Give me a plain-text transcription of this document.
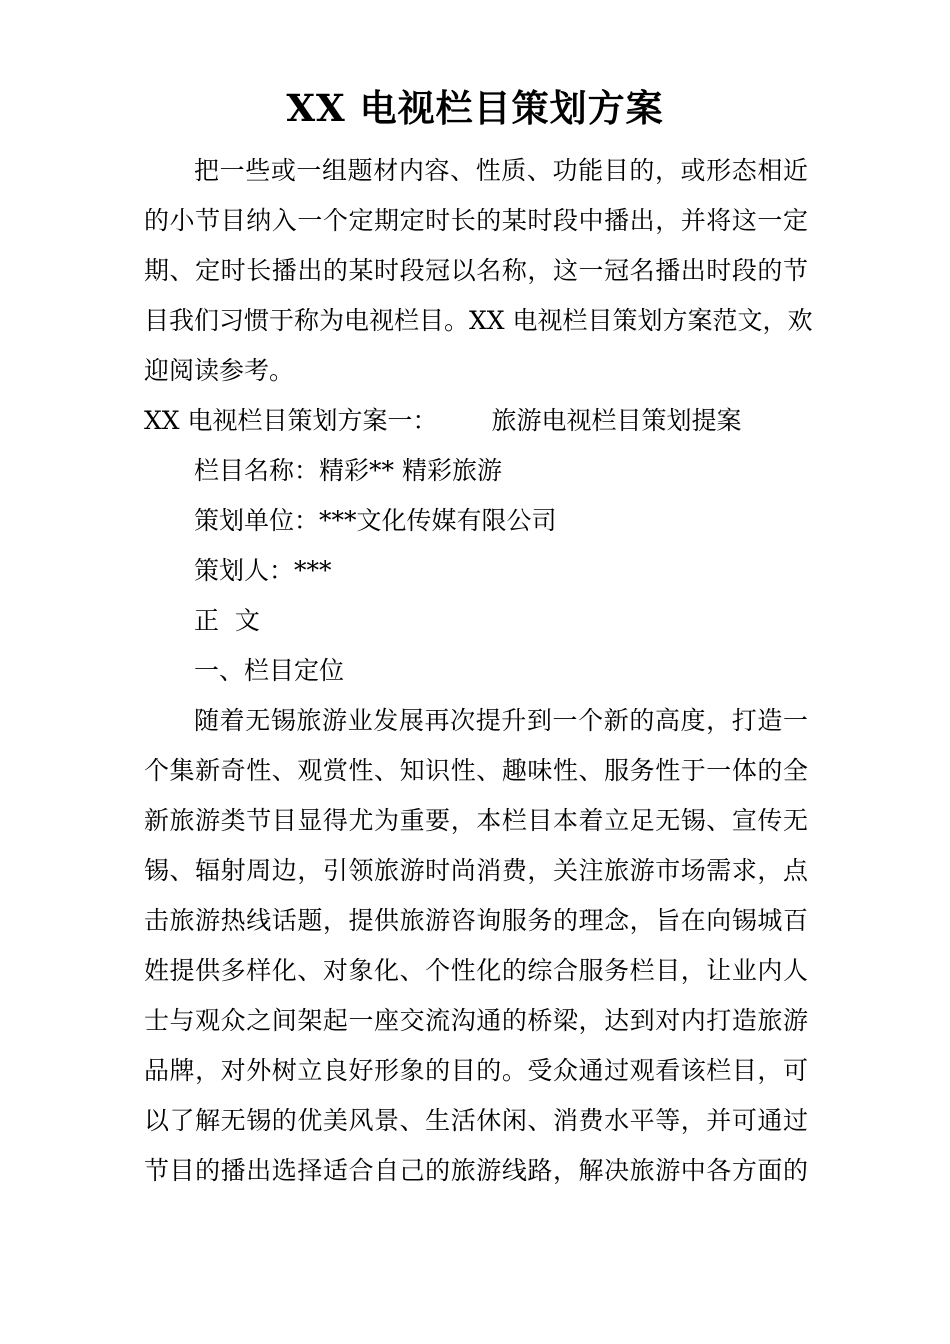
XX 电视栏目策划方案
把一些或一组题材内容、性质、功能目的，或形态相近
的小节目纳入一个定期定时长的某时段中播出，并将这一定
期、定时长播出的某时段冠以名称，这一冠名播出时段的节
目我们习惯于称为电视栏目。XX 电视栏目策划方案范文，欢
迎阅读参考。
XX 电视栏目策划方案一： 旅游电视栏目策划提案
栏目名称：精彩** 精彩旅游
策划单位：***文化传媒有限公司
策划人：***
正  文
一、栏目定位
随着无锡旅游业发展再次提升到一个新的高度，打造一
个集新奇性、观赏性、知识性、趣味性、服务性于一体的全
新旅游类节目显得尤为重要，本栏目本着立足无锡、宣传无
锡、辐射周边，引领旅游时尚消费，关注旅游市场需求，点
击旅游热线话题，提供旅游咨询服务的理念，旨在向锡城百
姓提供多样化、对象化、个性化的综合服务栏目，让业内人
士与观众之间架起一座交流沟通的桥梁，达到对内打造旅游
品牌，对外树立良好形象的目的。受众通过观看该栏目，可
以了解无锡的优美风景、生活休闲、消费水平等，并可通过
节目的播出选择适合自己的旅游线路，解决旅游中各方面的
